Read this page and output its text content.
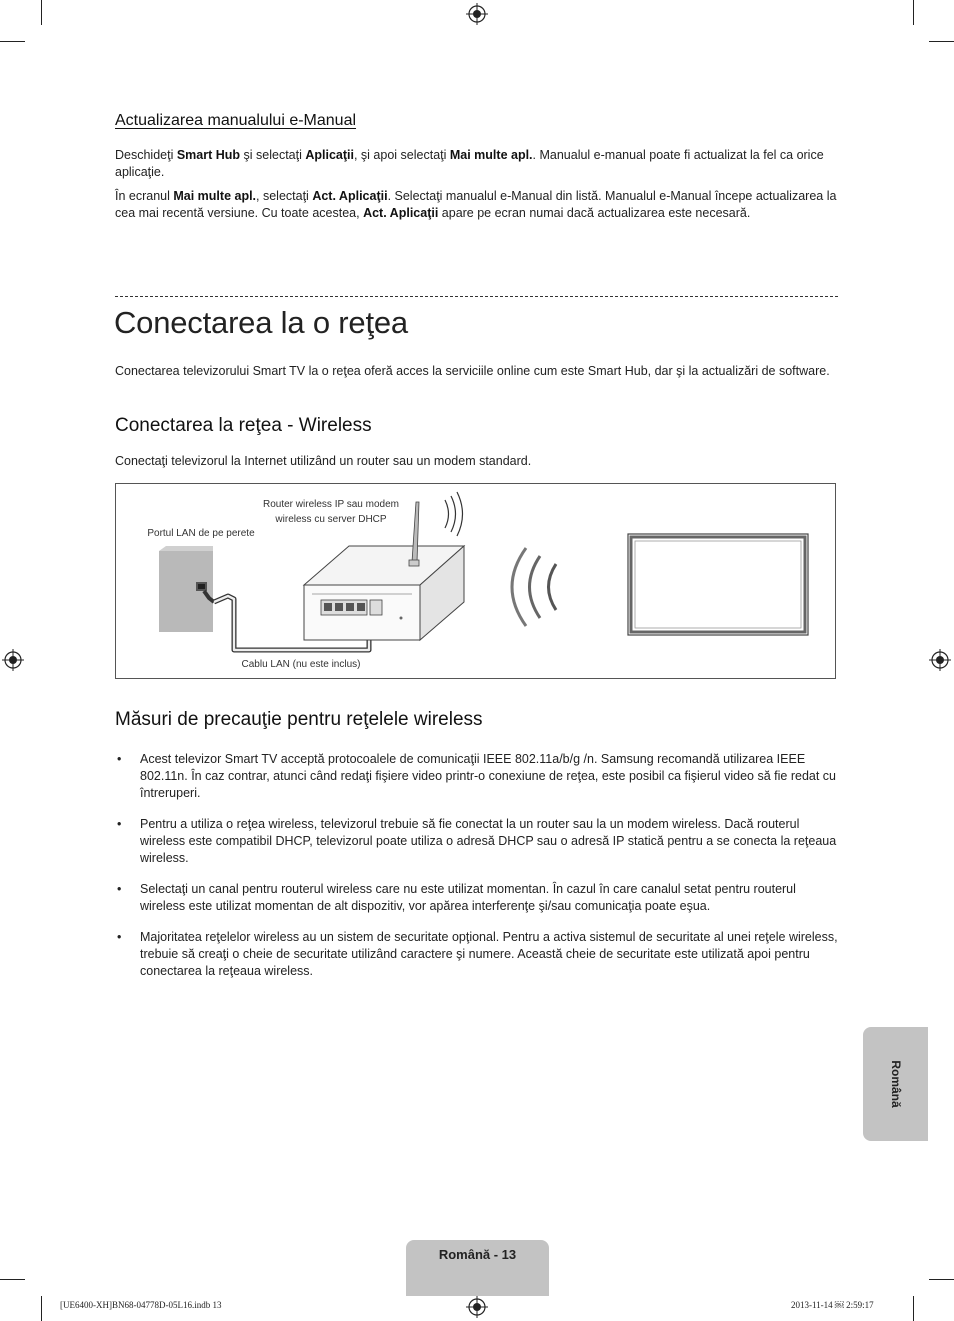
Actualizarea manualului e-Manual

Deschideţi Smart Hub şi selectaţi Aplicaţii, şi apoi selectaţi Mai multe apl.. Manualul e-manual poate fi actualizat la fel ca orice aplicaţie.

În ecranul Mai multe apl., selectaţi Act. Aplicaţii. Selectaţi manualul e-Manual din listă. Manualul e-Manual începe actualizarea la cea mai recentă versiune. Cu toate acestea, Act. Aplicaţii apare pe ecran numai dacă actualizarea este necesară.

Conectarea la o reţea

Conectarea televizorului Smart TV la o reţea oferă acces la serviciile online cum este Smart Hub, dar şi la actualizări de software.

Conectarea la reţea - Wireless

Conectaţi televizorul la Internet utilizând un router sau un modem standard.

Router wireless IP sau modem
wireless cu server DHCP
Portul LAN de pe perete
Cablu LAN (nu este inclus)
Măsuri de precauţie pentru reţelele wireless
• Acest televizor Smart TV acceptă protocoalele de comunicaţii IEEE 802.11a/b/g /n. Samsung recomandă utilizarea IEEE 802.11n. În caz contrar, atunci când redaţi fişiere video printr-o conexiune de reţea, este posibil ca fişierul video să fie redat cu întreruperi.
• Pentru a utiliza o reţea wireless, televizorul trebuie să fie conectat la un router sau la un modem wireless. Dacă routerul wireless este compatibil DHCP, televizorul poate utiliza o adresă DHCP sau o adresă IP statică pentru a se conecta la reţeaua wireless.
• Selectaţi un canal pentru routerul wireless care nu este utilizat momentan. În cazul în care canalul setat pentru routerul wireless este utilizat momentan de alt dispozitiv, vor apărea interferenţe şi/sau comunicaţia poate eşua.
• Majoritatea reţelelor wireless au un sistem de securitate opţional. Pentru a activa sistemul de securitate al unei reţele wireless, trebuie să creaţi o cheie de securitate utilizând caractere şi numere. Această cheie de securitate este utilizată apoi pentru conectarea la reţeaua wireless.
Română
Română - 13
[UE6400-XH]BN68-04778D-05L16.indb 13	2013-11-14 ￼ 2:59:17
